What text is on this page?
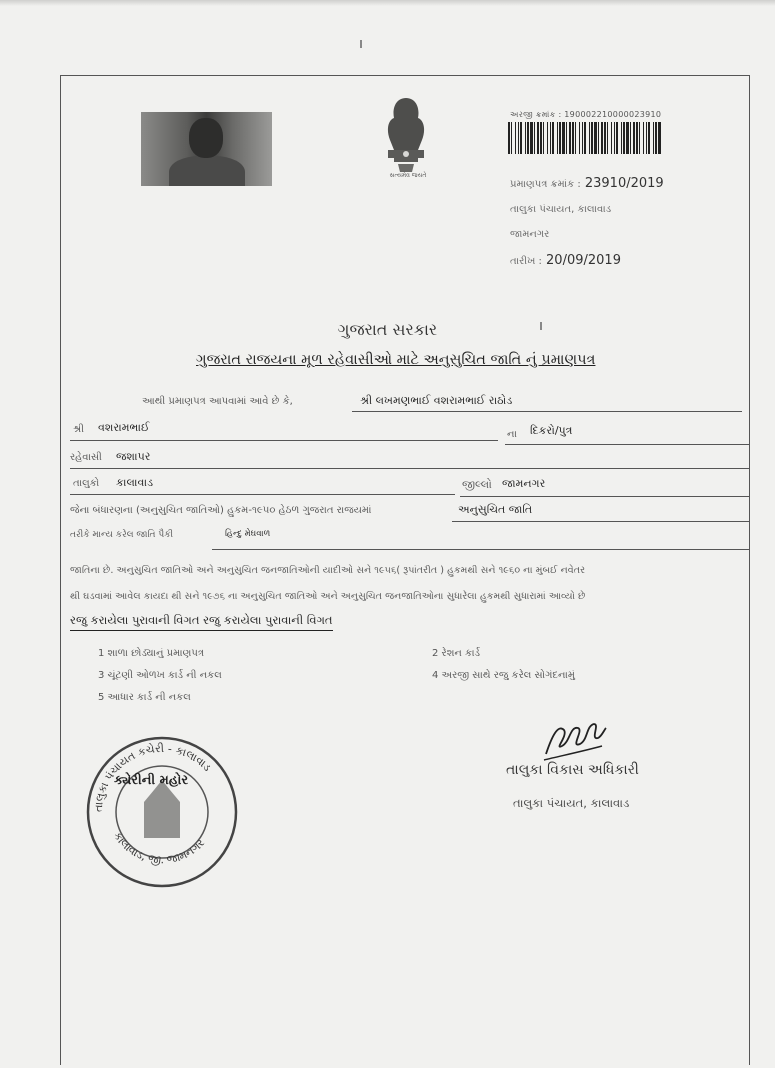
સત્યમેવ જયતે
અરજી ક્રમાંક : 190002210000023910
પ્રમાણપત્ર ક્રમાંક : 23910/2019
તાલુકા પંચાયત, કાલાવાડ
જામનગર
તારીખ : 20/09/2019
ગુજરાત સરકાર
ગુજરાત રાજયના મૂળ રહેવાસીઓ માટે અનુસુચિત જાતિ નું પ્રમાણપત્ર
આથી પ્રમાણપત્ર આપવામાં આવે છે કે,	શ્રી લખમણભાઈ વશરામભાઈ રાઠોડ
શ્રી વશરામભાઈ
ના દિકરો/પુત્ર
રહેવાસી જશાપર
તાલુકો કાલાવાડ	જીલ્લો જામનગર
જેના બંધારણના (અનુસુચિત જાતિઓ) હુકમ-૧૯૫૦ હેઠળ ગુજરાત રાજયમાં	અનુસુચિત જાતિ
તરીકે માન્ય કરેલ જાતિ પૈકી	હિન્દુ મેઘવાળ
જાતિના છે. અનુસુચિત જાતિઓ અને અનુસુચિત જનજાતિઓની યાદીઓ સને ૧૯૫૬( રૂપાંતરીત ) હુકમથી સને ૧૯૬૦ ના મુંબઈ નવેતર
થી ઘડવામાં આવેલ કાયદા થી સને ૧૯૭૬ ના અનુસુચિત જાતિઓ અને અનુસુચિત જનજાતિઓના સુધારેલા હુકમથી સુધારામાં આવ્યો છે
રજુ કરાયેલા પુરાવાની વિગત રજુ કરાયેલા પુરાવાની વિગત
1 શાળા છોડ્યાનું પ્રમાણપત્ર	2 રેશન કાર્ડ
3 ચૂંટણી ઓળખ કાર્ડ ની નકલ	4 અરજી સાથે રજુ કરેલ સોગંદનામું
5 આધાર કાર્ડ ની નકલ
તાલુકા પંચાયત કચેરી - કાલાવાડ
કાલાવાડ, જી. જામનગર
ક્યેરીની મહોર
તાલુકા વિકાસ અધિકારી
તાલુકા પંચાયત, કાલાવાડ
